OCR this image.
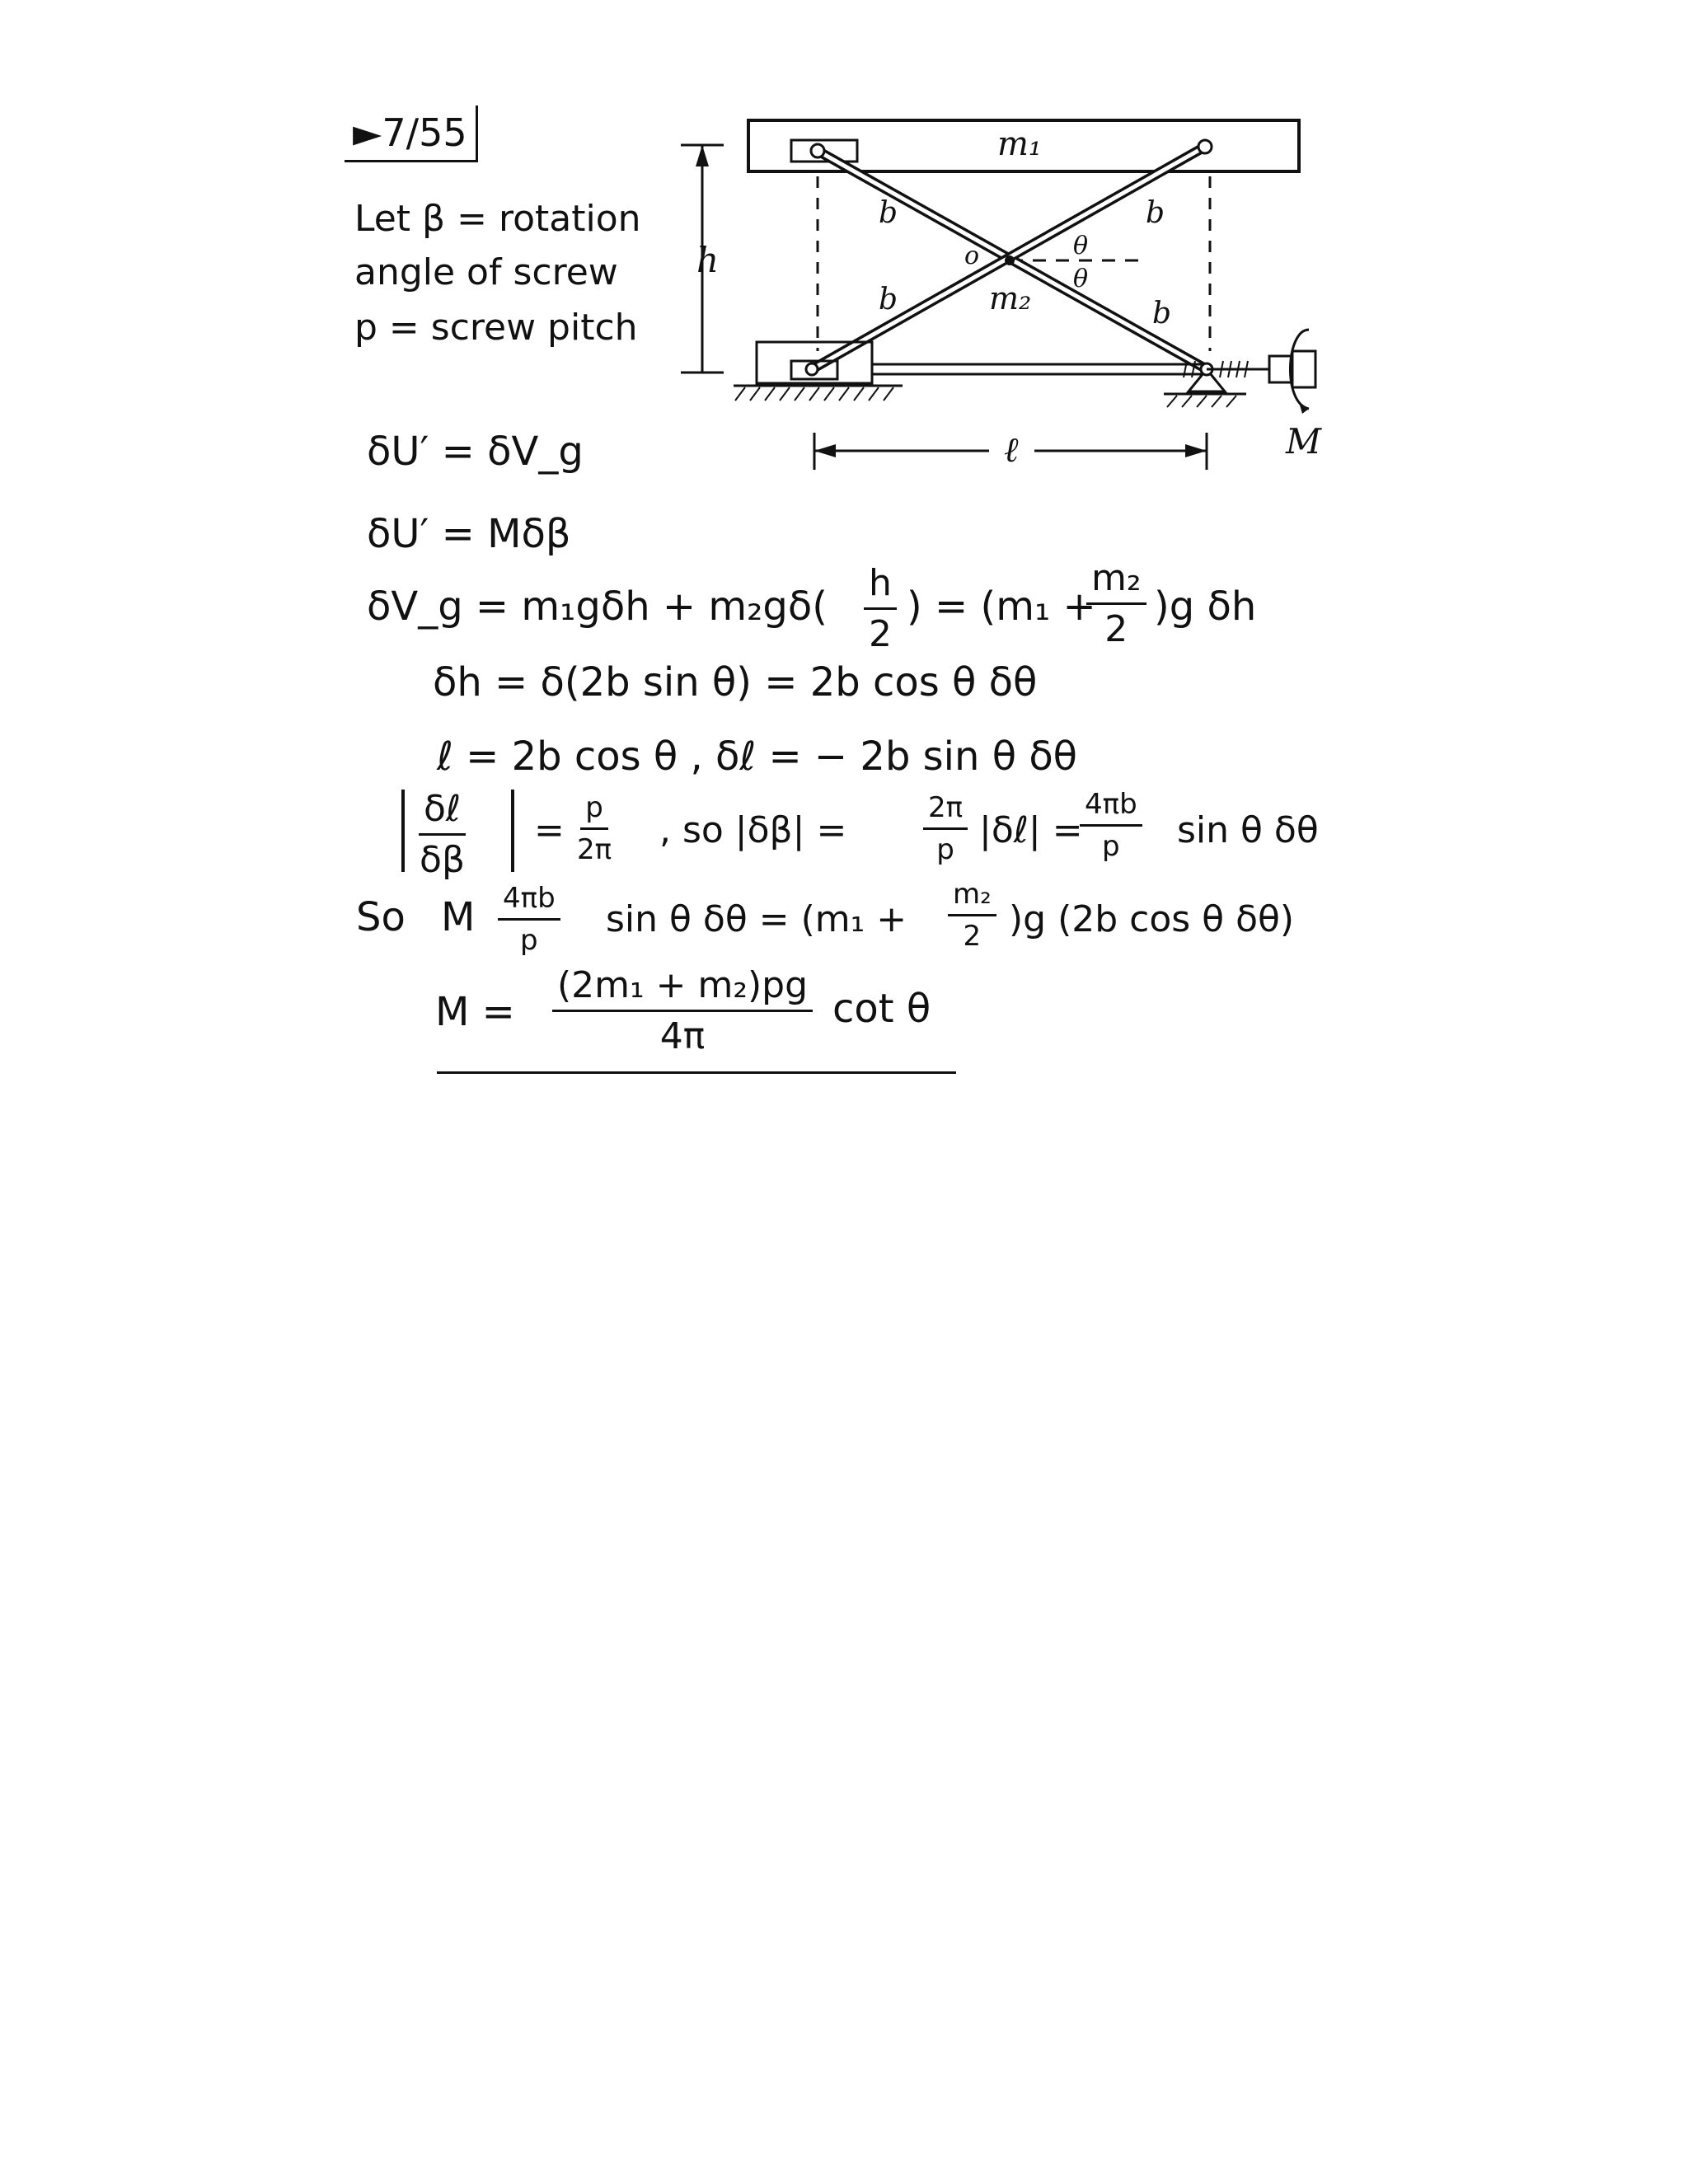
►7/55
Let β = rotation
angle of screw
p = screw pitch
h
M
ℓ
m₁
m₂
b	b
b	b
θ
θ
o
δU′ = δV_g
δU′ = Mδβ
δV_g = $m_1g\delta h + m_2g\delta( \frac{h}{2}$ ) = (m₁ +
$\frac{\text{m₂}}{2} )g$ δh
δh = δ(2b sin θ) = 2b cos θ δθ
ℓ = 2b cos θ , δℓ = − 2b sin θ δθ
δℓ
δβ
= $\frac{p}{2\pi}$ , so |δβ| =	$\frac{2\pi}{p}$ |δℓ| =
$\frac{4\pi b}{p}$ sin θ δθ
So M $\frac{4\pi b}{p}$ sin θ $\delta\theta = (m_1 + \frac{\text{m₂}}{2} )g$ (2b cos θ δθ)
$M = \frac{\text{(2m₁ + m₂)pg}}{4\pi}$ cot θ
